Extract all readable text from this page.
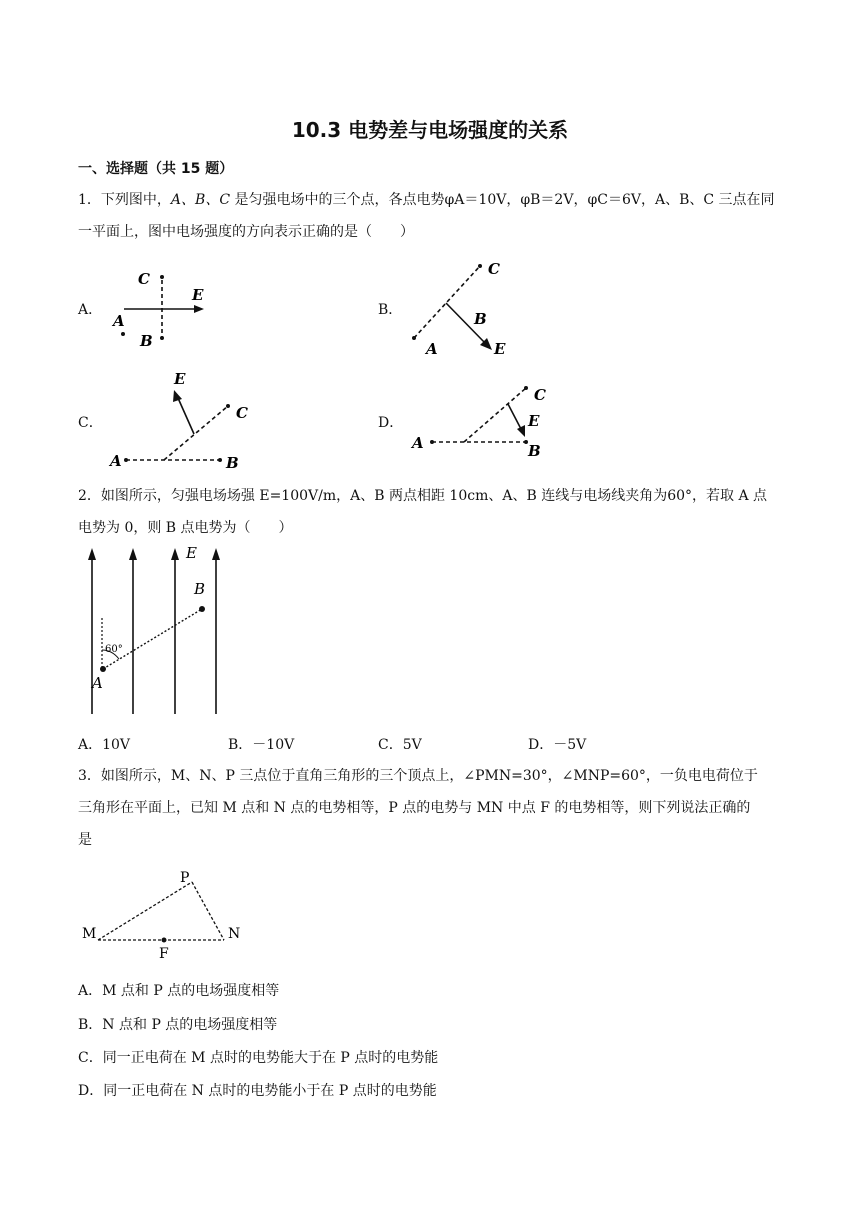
10.3 电势差与电场强度的关系
一、选择题（共 15 题）
1．下列图中，A、B、C 是匀强电场中的三个点，各点电势φA＝10V，φB＝2V，φC＝6V，A、B、C 三点在同
一平面上，图中电场强度的方向表示正确的是（　　）
A．
C
E
A
B
B．
C
B
A	E
C．
E
C
A	B
D．
C
E
A	B
2．如图所示，匀强电场场强 E=100V/m，A、B 两点相距 10cm、A、B 连线与电场线夹角为60°，若取 A 点
电势为 0，则 B 点电势为（　　）
60°
E
B
A
A．10V	B．－10V	C．5V	D．－5V
3．如图所示，M、N、P 三点位于直角三角形的三个顶点上，∠PMN=30°，∠MNP=60°，一负电电荷位于
三角形在平面上，已知 M 点和 N 点的电势相等，P 点的电势与 MN 中点 F 的电势相等，则下列说法正确的
是
M
P
N
F
A．M 点和 P 点的电场强度相等
B．N 点和 P 点的电场强度相等
C．同一正电荷在 M 点时的电势能大于在 P 点时的电势能
D．同一正电荷在 N 点时的电势能小于在 P 点时的电势能
